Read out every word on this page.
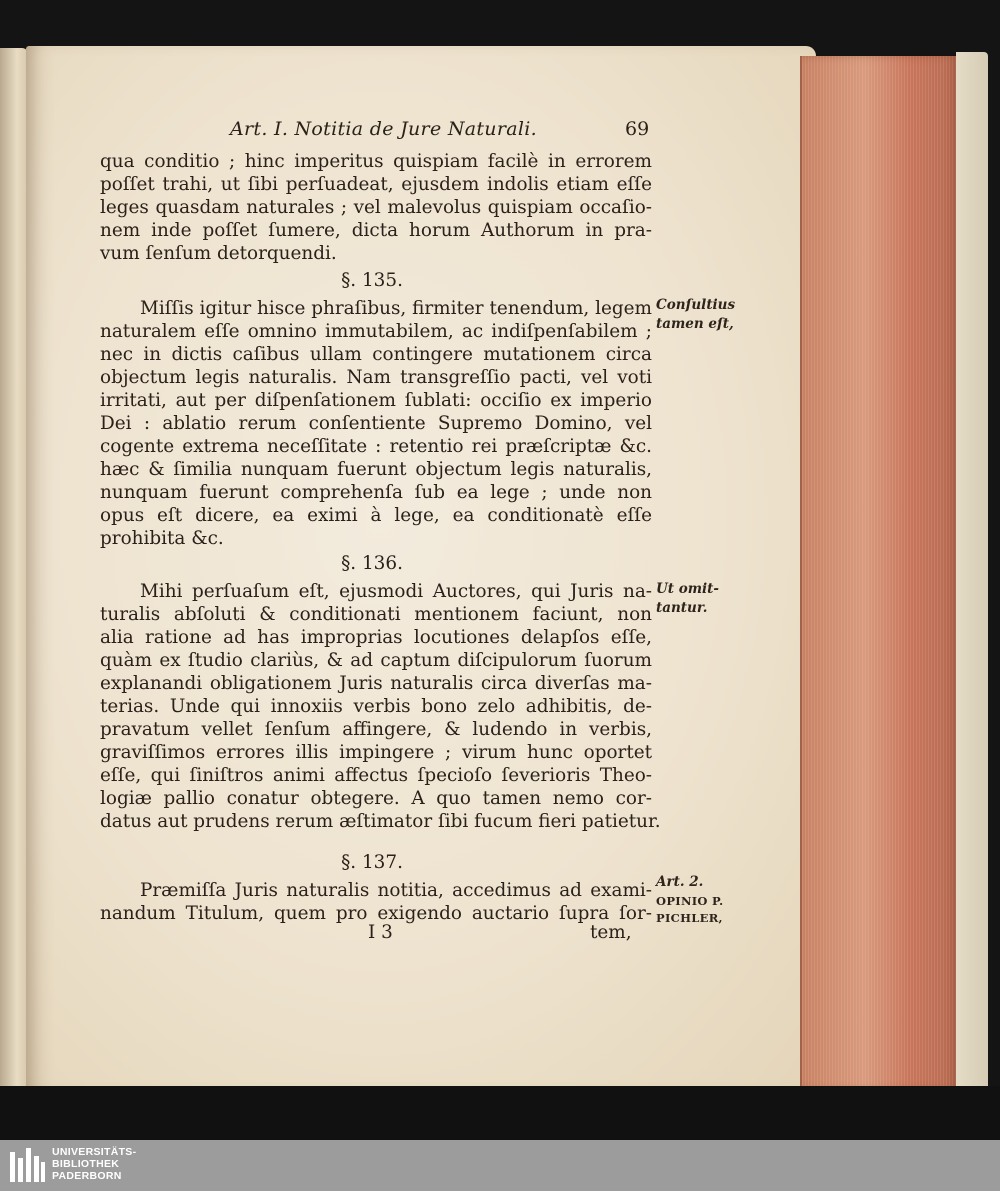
Art. I. Notitia de Jure Naturali.	69
qua conditio ; hinc imperitus quispiam facilè in errorem
poſſet trahi, ut ſibi perſuadeat, ejusdem indolis etiam eſſe
leges quasdam naturales ; vel malevolus quispiam occaſio-
nem inde poſſet ſumere, dicta horum Authorum in pra-
vum ſenſum detorquendi.
§. 135.
Miſſis igitur hisce phraſibus, firmiter tenendum, legem
naturalem eſſe omnino immutabilem, ac indiſpenſabilem ;
nec in dictis caſibus ullam contingere mutationem circa
objectum legis naturalis. Nam transgreſſio pacti, vel voti
irritati, aut per diſpenſationem ſublati: occiſio ex imperio
Dei : ablatio rerum conſentiente Supremo Domino, vel
cogente extrema neceſſitate : retentio rei præſcriptæ &c.
hæc & ſimilia nunquam fuerunt objectum legis naturalis,
nunquam fuerunt comprehenſa ſub ea lege ; unde non
opus eſt dicere, ea eximi à lege, ea conditionatè eſſe
prohibita &c.
§. 136.
Mihi perſuaſum eſt, ejusmodi Auctores, qui Juris na-
turalis abſoluti & conditionati mentionem faciunt, non
alia ratione ad has improprias locutiones delapſos eſſe,
quàm ex ſtudio clariùs, & ad captum diſcipulorum ſuorum
explanandi obligationem Juris naturalis circa diverſas ma-
terias. Unde qui innoxiis verbis bono zelo adhibitis, de-
pravatum vellet ſenſum affingere, & ludendo in verbis,
graviſſimos errores illis impingere ; virum hunc oportet
eſſe, qui ſiniſtros animi affectus ſpecioſo ſeverioris Theo-
logiæ pallio conatur obtegere. A quo tamen nemo cor-
datus aut prudens rerum æſtimator ſibi fucum fieri patietur.
§. 137.
Præmiſſa Juris naturalis notitia, accedimus ad exami-
nandum Titulum, quem pro exigendo auctario ſupra ſor-
I 3	tem,
Conſultius
tamen eſt,
Ut omit-
tantur.
Art. 2.
OPINIO P.
PICHLER,
UNIVERSITÄTS-
BIBLIOTHEK
PADERBORN
